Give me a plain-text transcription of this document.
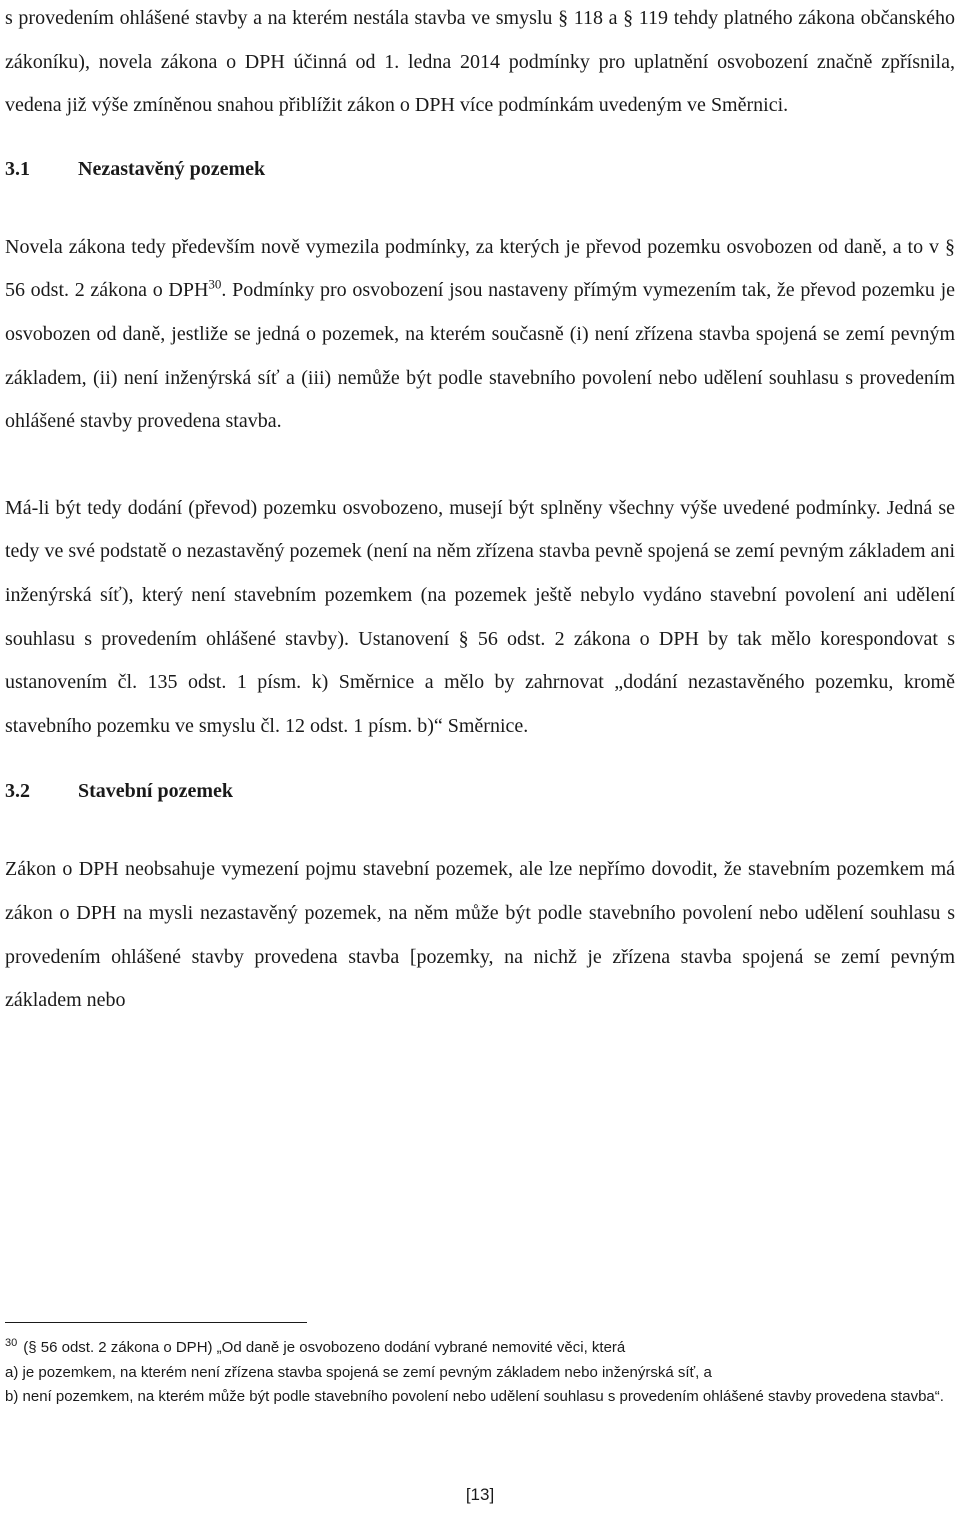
s provedením ohlášené stavby a na kterém nestála stavba ve smyslu § 118 a § 119 tehdy platného zákona občanského zákoníku), novela zákona o DPH účinná od 1. ledna 2014 podmínky pro uplatnění osvobození značně zpřísnila, vedena již výše zmíněnou snahou přiblížit zákon o DPH více podmínkám uvedeným ve Směrnici.

3.1	Nezastavěný pozemek

Novela zákona tedy především nově vymezila podmínky, za kterých je převod pozemku osvobozen od daně, a to v § 56 odst. 2 zákona o DPH$^{30}$. Podmínky pro osvobození jsou nastaveny přímým vymezením tak, že převod pozemku je osvobozen od daně, jestliže se jedná o pozemek, na kterém současně (i) není zřízena stavba spojená se zemí pevným základem, (ii) není inženýrská síť a (iii) nemůže být podle stavebního povolení nebo udělení souhlasu s provedením ohlášené stavby provedena stavba.

Má-li být tedy dodání (převod) pozemku osvobozeno, musejí být splněny všechny výše uvedené podmínky. Jedná se tedy ve své podstatě o nezastavěný pozemek (není na něm zřízena stavba pevně spojená se zemí pevným základem ani inženýrská síť), který není stavebním pozemkem (na pozemek ještě nebylo vydáno stavební povolení ani udělení souhlasu s provedením ohlášené stavby). Ustanovení § 56 odst. 2 zákona o DPH by tak mělo korespondovat s ustanovením čl. 135 odst. 1 písm. k) Směrnice a mělo by zahrnovat „dodání nezastavěného pozemku, kromě stavebního pozemku ve smyslu čl. 12 odst. 1 písm. b)“ Směrnice.

3.2	Stavební pozemek

Zákon o DPH neobsahuje vymezení pojmu stavební pozemek, ale lze nepřímo dovodit, že stavebním pozemkem má zákon o DPH na mysli nezastavěný pozemek, na něm může být podle stavebního povolení nebo udělení souhlasu s provedením ohlášené stavby provedena stavba [pozemky, na nichž je zřízena stavba spojená se zemí pevným základem nebo

$^{30}$ (§ 56 odst. 2 zákona o DPH) „Od daně je osvobozeno dodání vybrané nemovité věci, která
a) je pozemkem, na kterém není zřízena stavba spojená se zemí pevným základem nebo inženýrská síť, a
b) není pozemkem, na kterém může být podle stavebního povolení nebo udělení souhlasu s provedením ohlášené stavby provedena stavba“.
[13]
